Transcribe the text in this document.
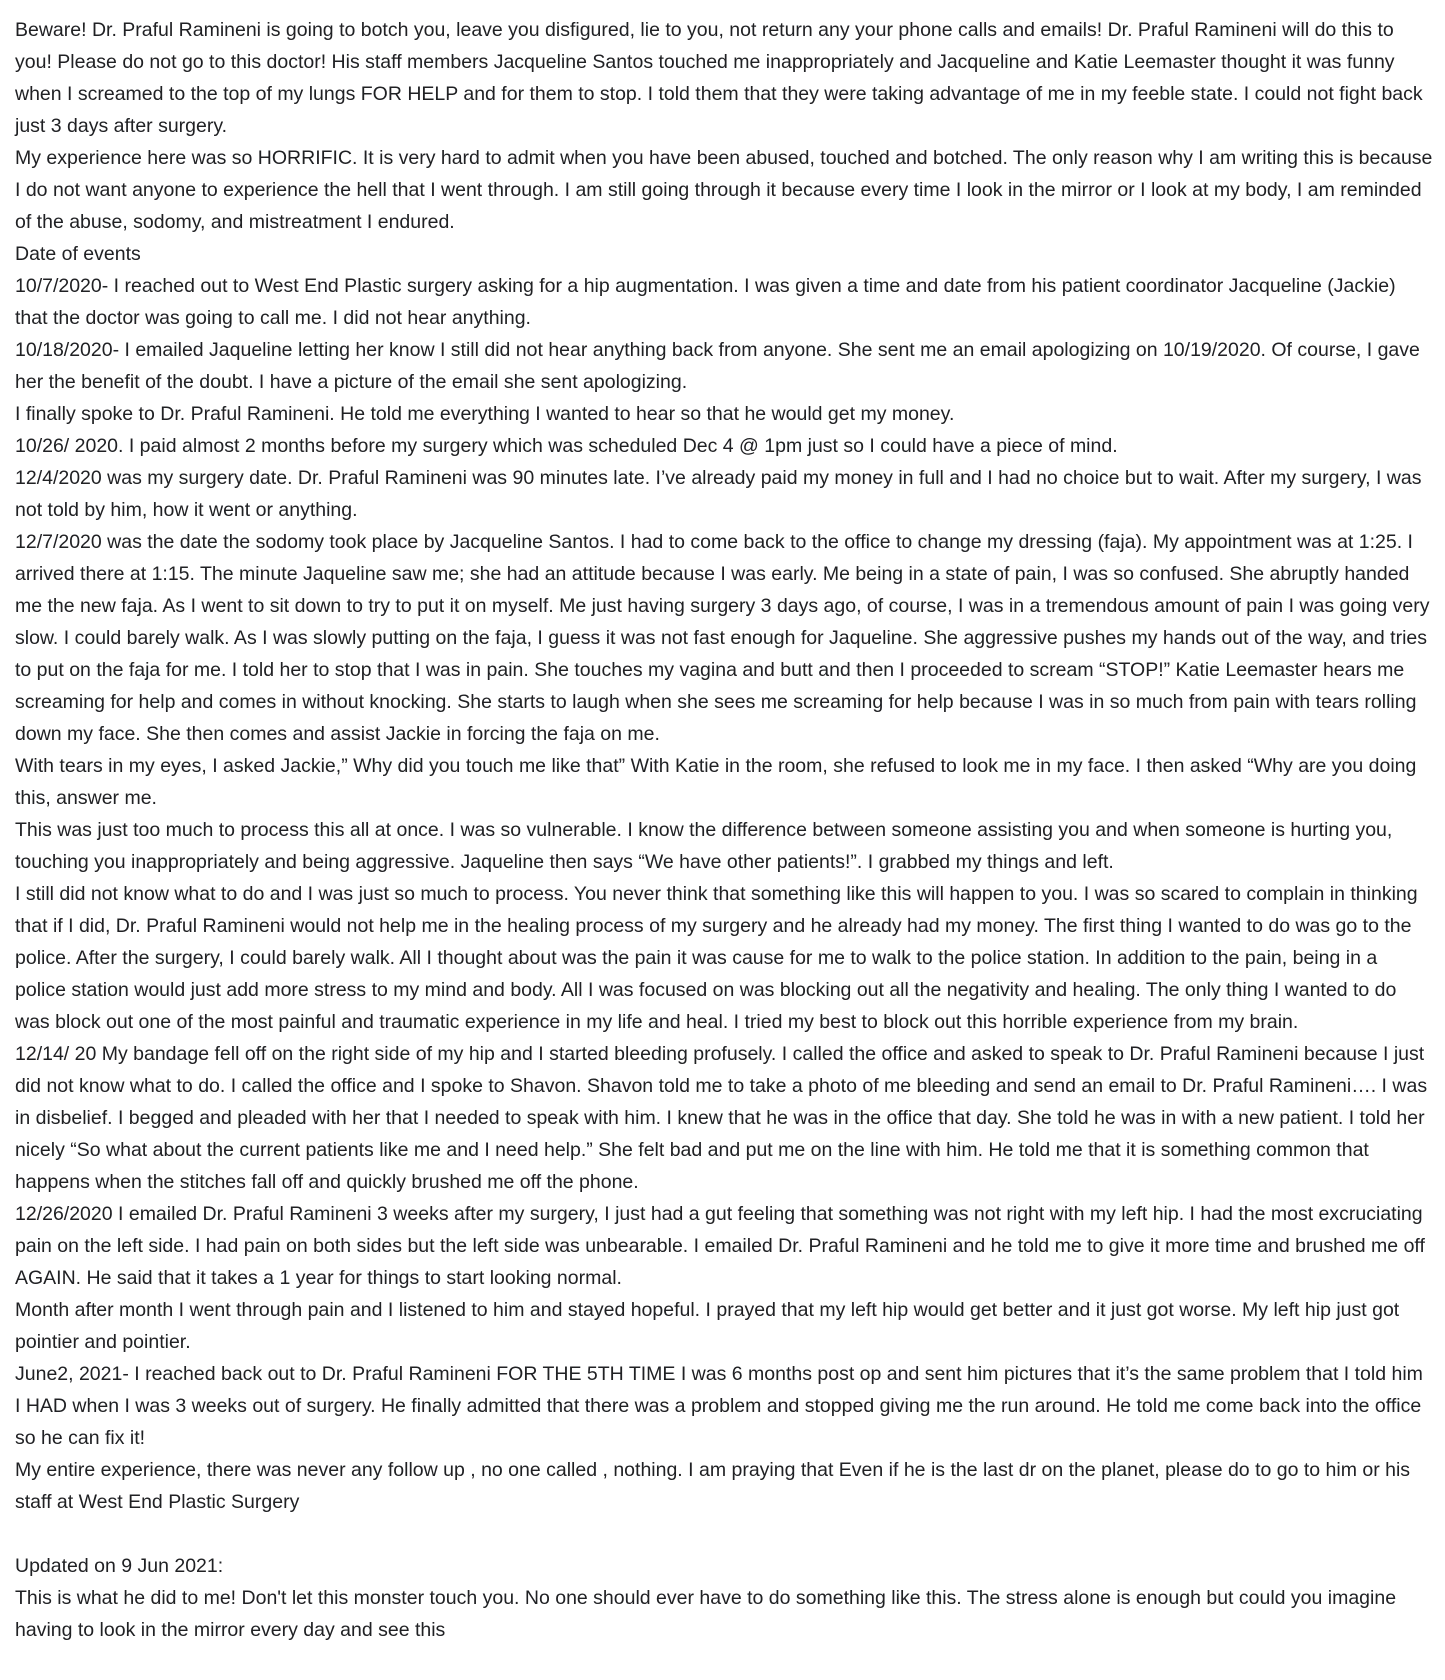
Beware! Dr. Praful Ramineni is going to botch you, leave you disfigured, lie to you, not return any your phone calls and emails! Dr. Praful Ramineni will do this to you! Please do not go to this doctor! His staff members Jacqueline Santos touched me inappropriately and Jacqueline and Katie Leemaster thought it was funny when I screamed to the top of my lungs FOR HELP and for them to stop. I told them that they were taking advantage of me in my feeble state. I could not fight back just 3 days after surgery.

My experience here was so HORRIFIC. It is very hard to admit when you have been abused, touched and botched. The only reason why I am writing this is because I do not want anyone to experience the hell that I went through. I am still going through it because every time I look in the mirror or I look at my body, I am reminded of the abuse, sodomy, and mistreatment I endured.

Date of events

10/7/2020- I reached out to West End Plastic surgery asking for a hip augmentation. I was given a time and date from his patient coordinator Jacqueline (Jackie) that the doctor was going to call me. I did not hear anything.

10/18/2020- I emailed Jaqueline letting her know I still did not hear anything back from anyone. She sent me an email apologizing on 10/19/2020. Of course, I gave her the benefit of the doubt. I have a picture of the email she sent apologizing.

I finally spoke to Dr. Praful Ramineni. He told me everything I wanted to hear so that he would get my money.

10/26/ 2020. I paid almost 2 months before my surgery which was scheduled Dec 4 @ 1pm just so I could have a piece of mind.

12/4/2020 was my surgery date. Dr. Praful Ramineni was 90 minutes late. I’ve already paid my money in full and I had no choice but to wait. After my surgery, I was not told by him, how it went or anything.

12/7/2020 was the date the sodomy took place by Jacqueline Santos. I had to come back to the office to change my dressing (faja). My appointment was at 1:25. I arrived there at 1:15. The minute Jaqueline saw me; she had an attitude because I was early. Me being in a state of pain, I was so confused. She abruptly handed me the new faja. As I went to sit down to try to put it on myself. Me just having surgery 3 days ago, of course, I was in a tremendous amount of pain I was going very slow. I could barely walk. As I was slowly putting on the faja, I guess it was not fast enough for Jaqueline. She aggressive pushes my hands out of the way, and tries to put on the faja for me. I told her to stop that I was in pain. She touches my vagina and butt and then I proceeded to scream “STOP!” Katie Leemaster hears me screaming for help and comes in without knocking. She starts to laugh when she sees me screaming for help because I was in so much from pain with tears rolling down my face. She then comes and assist Jackie in forcing the faja on me.

With tears in my eyes, I asked Jackie,” Why did you touch me like that” With Katie in the room, she refused to look me in my face. I then asked “Why are you doing this, answer me.

This was just too much to process this all at once. I was so vulnerable. I know the difference between someone assisting you and when someone is hurting you, touching you inappropriately and being aggressive. Jaqueline then says “We have other patients!”. I grabbed my things and left.

I still did not know what to do and I was just so much to process. You never think that something like this will happen to you. I was so scared to complain in thinking that if I did, Dr. Praful Ramineni would not help me in the healing process of my surgery and he already had my money. The first thing I wanted to do was go to the police. After the surgery, I could barely walk. All I thought about was the pain it was cause for me to walk to the police station. In addition to the pain, being in a police station would just add more stress to my mind and body. All I was focused on was blocking out all the negativity and healing. The only thing I wanted to do was block out one of the most painful and traumatic experience in my life and heal. I tried my best to block out this horrible experience from my brain.

12/14/ 20 My bandage fell off on the right side of my hip and I started bleeding profusely. I called the office and asked to speak to Dr. Praful Ramineni because I just did not know what to do. I called the office and I spoke to Shavon. Shavon told me to take a photo of me bleeding and send an email to Dr. Praful Ramineni…. I was in disbelief. I begged and pleaded with her that I needed to speak with him. I knew that he was in the office that day. She told he was in with a new patient. I told her nicely “So what about the current patients like me and I need help.” She felt bad and put me on the line with him. He told me that it is something common that happens when the stitches fall off and quickly brushed me off the phone.

12/26/2020 I emailed Dr. Praful Ramineni 3 weeks after my surgery, I just had a gut feeling that something was not right with my left hip. I had the most excruciating pain on the left side. I had pain on both sides but the left side was unbearable. I emailed Dr. Praful Ramineni and he told me to give it more time and brushed me off AGAIN. He said that it takes a 1 year for things to start looking normal.

Month after month I went through pain and I listened to him and stayed hopeful. I prayed that my left hip would get better and it just got worse. My left hip just got pointier and pointier.

June2, 2021- I reached back out to Dr. Praful Ramineni FOR THE 5TH TIME I was 6 months post op and sent him pictures that it’s the same problem that I told him I HAD when I was 3 weeks out of surgery. He finally admitted that there was a problem and stopped giving me the run around. He told me come back into the office so he can fix it!

My entire experience, there was never any follow up , no one called , nothing. I am praying that Even if he is the last dr on the planet, please do to go to him or his staff at West End Plastic Surgery

Updated on 9 Jun 2021:

This is what he did to me! Don't let this monster touch you. No one should ever have to do something like this. The stress alone is enough but could you imagine having to look in the mirror every day and see this
